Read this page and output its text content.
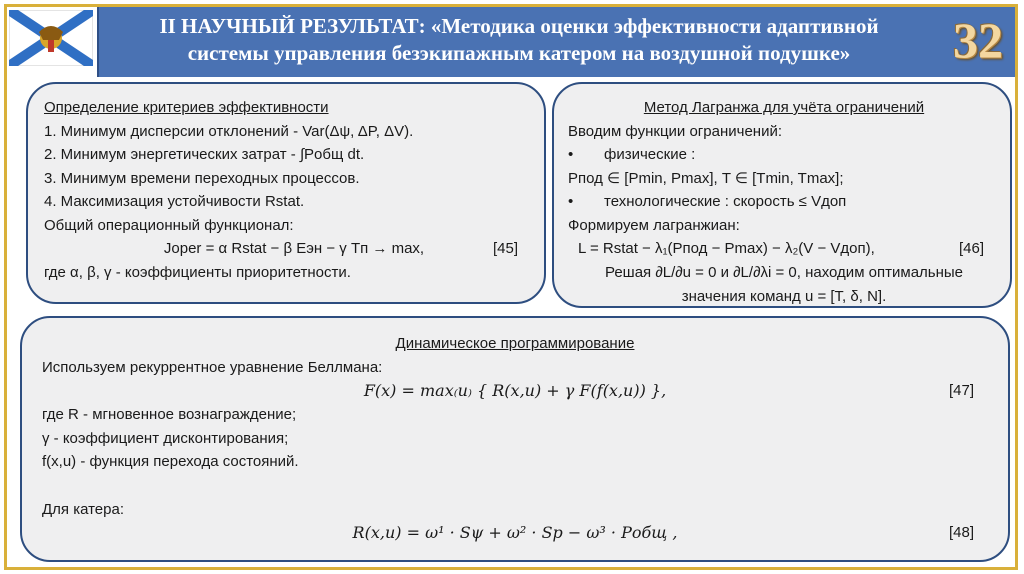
II НАУЧНЫЙ РЕЗУЛЬТАТ: «Методика оценки эффективности адаптивной
системы управления безэкипажным катером на воздушной подушке»	32
Определение критериев эффективности
1. Минимум дисперсии отклонений - Var(Δψ, ΔP, ΔV).
2. Минимум энергетических затрат - ∫Pобщ dt.
3. Минимум времени переходных процессов.
4. Максимизация устойчивости Rstat.
Общий операционный функционал:
Joper = α Rstat − β Eэн − γ Tп → max,	[45]
где α, β, γ - коэффициенты приоритетности.
Метод Лагранжа для учёта ограничений
Вводим функции ограничений:
• физические :
Pпод ∈ [Pmin, Pmax], T ∈ [Tmin, Tmax];
• технологические : скорость ≤ Vдоп
Формируем лагранжиан:
L = Rstat − λ₁(Pпод − Pmax) − λ₂(V − Vдоп),	[46]
Решая ∂L/∂u = 0 и ∂L/∂λi = 0, находим оптимальные
значения команд u = [T, δ, N].
Динамическое программирование
Используем рекуррентное уравнение Беллмана:
F(x) = max₍u₎ { R(x,u) + γ F(f(x,u)) },	[47]
где R - мгновенное вознаграждение;
γ - коэффициент дисконтирования;
f(x,u) - функция перехода состояний.
Для катера:
R(x,u) = ω¹ · Sψ + ω² · Sp − ω³ · Pобщ ,	[48]
